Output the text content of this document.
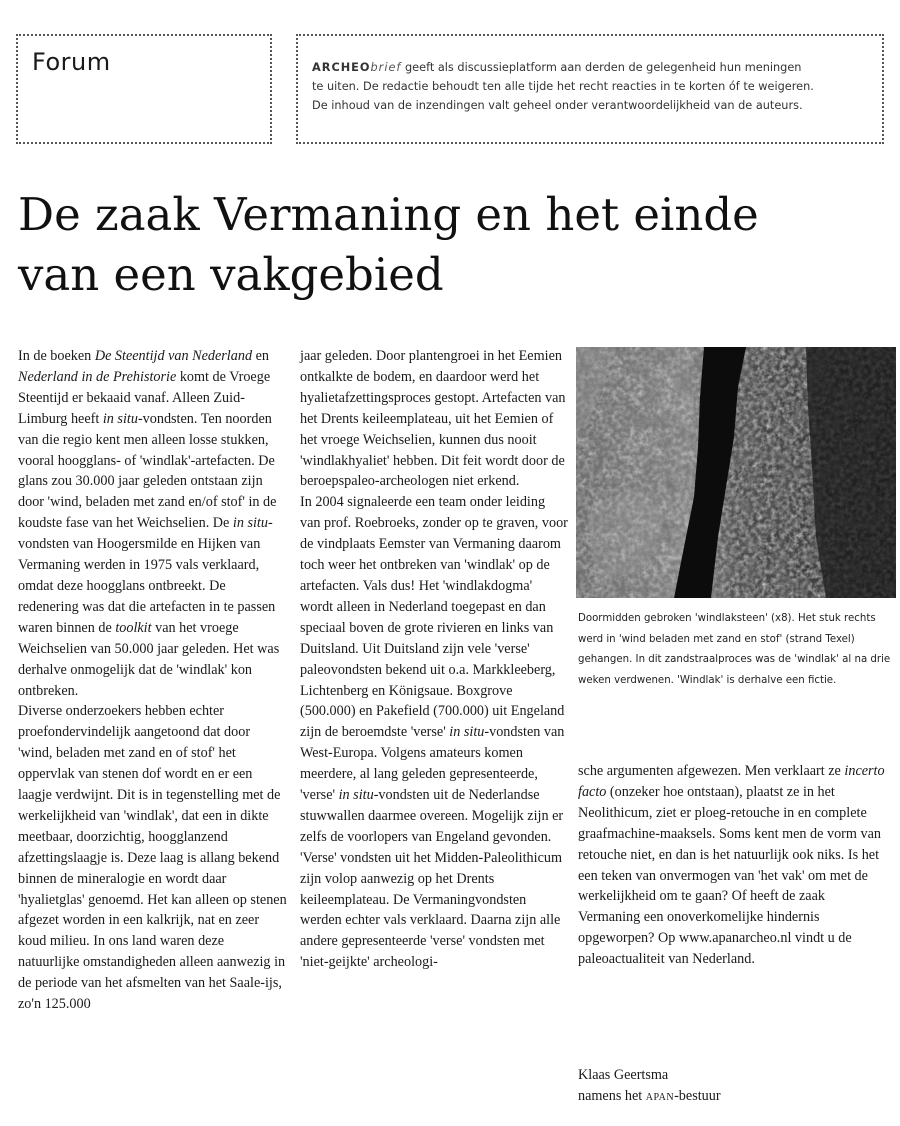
Forum	ARCHEObrief geeft als discussieplatform aan derden de gelegenheid hun meningen
te uiten. De redactie behoudt ten alle tijde het recht reacties in te korten óf te weigeren.
De inhoud van de inzendingen valt geheel onder verantwoordelijkheid van de auteurs.
De zaak Vermaning en het einde
van een vakgebied

In de boeken De Steentijd van Nederland en Nederland in de Prehistorie komt de Vroege Steentijd er bekaaid vanaf. Alleen Zuid-Limburg heeft in situ-vondsten. Ten noorden van die regio kent men alleen losse stukken, vooral hoogglans- of 'windlak'-artefacten. De glans zou 30.000 jaar geleden ontstaan zijn door 'wind, beladen met zand en/of stof' in de koudste fase van het Weichselien. De in situ-vondsten van Hoogersmilde en Hijken van Vermaning werden in 1975 vals verklaard, omdat deze hoogglans ontbreekt. De redenering was dat die artefacten in te passen waren binnen de toolkit van het vroege Weichselien van 50.000 jaar geleden. Het was derhalve onmogelijk dat de 'windlak' kon ontbreken.

Diverse onderzoekers hebben echter proefondervindelijk aangetoond dat door 'wind, beladen met zand en of stof' het oppervlak van stenen dof wordt en er een laagje verdwijnt. Dit is in tegenstelling met de werkelijkheid van 'windlak', dat een in dikte meetbaar, doorzichtig, hoogglanzend afzettingslaagje is. Deze laag is allang bekend binnen de mineralogie en wordt daar 'hyalietglas' genoemd. Het kan alleen op stenen afgezet worden in een kalkrijk, nat en zeer koud milieu. In ons land waren deze natuurlijke omstandigheden alleen aanwezig in de periode van het afsmelten van het Saale-ijs, zo'n 125.000

jaar geleden. Door plantengroei in het Eemien ontkalkte de bodem, en daardoor werd het hyalietafzettingsproces gestopt. Artefacten van het Drents keileemplateau, uit het Eemien of het vroege Weichselien, kunnen dus nooit 'windlakhyaliet' hebben. Dit feit wordt door de beroepspaleo-archeologen niet erkend.

In 2004 signaleerde een team onder leiding van prof. Roebroeks, zonder op te graven, voor de vindplaats Eemster van Vermaning daarom toch weer het ontbreken van 'windlak' op de artefacten. Vals dus! Het 'windlakdogma' wordt alleen in Nederland toegepast en dan speciaal boven de grote rivieren en links van Duitsland. Uit Duitsland zijn vele 'verse' paleovondsten bekend uit o.a. Markkleeberg, Lichtenberg en Königsaue. Boxgrove (500.000) en Pakefield (700.000) uit Engeland zijn de beroemdste 'verse' in situ-vondsten van West-Europa. Volgens amateurs komen meerdere, al lang geleden gepresenteerde, 'verse' in situ-vondsten uit de Nederlandse stuwwallen daarmee overeen. Mogelijk zijn er zelfs de voorlopers van Engeland gevonden. 'Verse' vondsten uit het Midden-Paleolithicum zijn volop aanwezig op het Drents keileemplateau. De Vermaningvondsten werden echter vals verklaard. Daarna zijn alle andere gepresenteerde 'verse' vondsten met 'niet-geijkte' archeologi-

Doormidden gebroken 'windlaksteen' (x8). Het stuk rechts werd in 'wind beladen met zand en stof' (strand Texel) gehangen. In dit zandstraalproces was de 'windlak' al na drie weken verdwenen. 'Windlak' is derhalve een fictie.

sche argumenten afgewezen. Men verklaart ze incerto facto (onzeker hoe ontstaan), plaatst ze in het Neolithicum, ziet er ploeg-retouche in en complete graafmachine-maaksels. Soms kent men de vorm van retouche niet, en dan is het natuurlijk ook niks. Is het een teken van onvermogen van 'het vak' om met de werkelijkheid om te gaan? Of heeft de zaak Vermaning een onoverkomelijke hindernis opgeworpen? Op www.apanarcheo.nl vindt u de paleoactualiteit van Nederland.

Klaas Geertsma
namens het APAN-bestuur
